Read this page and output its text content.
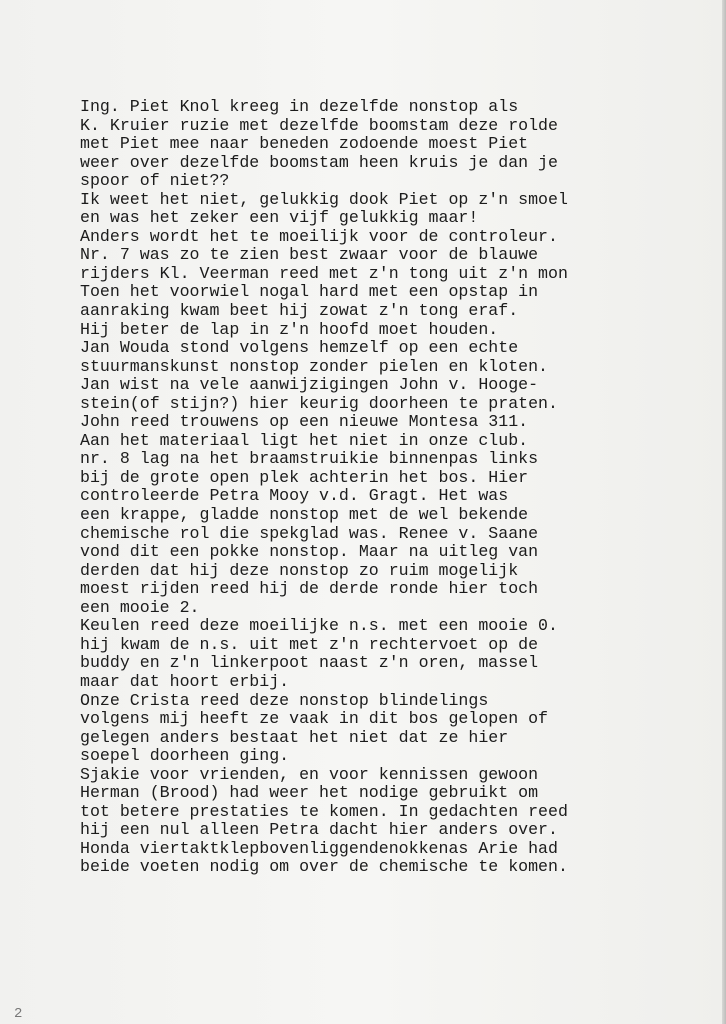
Ing. Piet Knol kreeg in dezelfde nonstop als
K. Kruier ruzie met dezelfde boomstam deze rolde
met Piet mee naar beneden zodoende moest Piet
weer over dezelfde boomstam heen kruis je dan je
spoor of niet??
Ik weet het niet, gelukkig dook Piet op z'n smoel
en was het zeker een vijf gelukkig maar!
Anders wordt het te moeilijk voor de controleur.
Nr. 7 was zo te zien best zwaar voor de blauwe
rijders Kl. Veerman reed met z'n tong uit z'n mon
Toen het voorwiel nogal hard met een opstap in
aanraking kwam beet hij zowat z'n tong eraf.
Hij beter de lap in z'n hoofd moet houden.
Jan Wouda stond volgens hemzelf op een echte
stuurmanskunst nonstop zonder pielen en kloten.
Jan wist na vele aanwijzigingen John v. Hooge-
stein(of stijn?) hier keurig doorheen te praten.
John reed trouwens op een nieuwe Montesa 311.
Aan het materiaal ligt het niet in onze club.
nr. 8 lag na het braamstruikie binnenpas links
bij de grote open plek achterin het bos. Hier
controleerde Petra Mooy v.d. Gragt. Het was
een krappe, gladde nonstop met de wel bekende
chemische rol die spekglad was. Renee v. Saane
vond dit een pokke nonstop. Maar na uitleg van
derden dat hij deze nonstop zo ruim mogelijk
moest rijden reed hij de derde ronde hier toch
een mooie 2.
Keulen reed deze moeilijke n.s. met een mooie 0.
hij kwam de n.s. uit met z'n rechtervoet op de
buddy en z'n linkerpoot naast z'n oren, massel
maar dat hoort erbij.
Onze Crista reed deze nonstop blindelings
volgens mij heeft ze vaak in dit bos gelopen of
gelegen anders bestaat het niet dat ze hier
soepel doorheen ging.
Sjakie voor vrienden, en voor kennissen gewoon
Herman (Brood) had weer het nodige gebruikt om
tot betere prestaties te komen. In gedachten reed
hij een nul alleen Petra dacht hier anders over.
Honda viertaktklepbovenliggendenokkenas Arie had
beide voeten nodig om over de chemische te komen.
2
